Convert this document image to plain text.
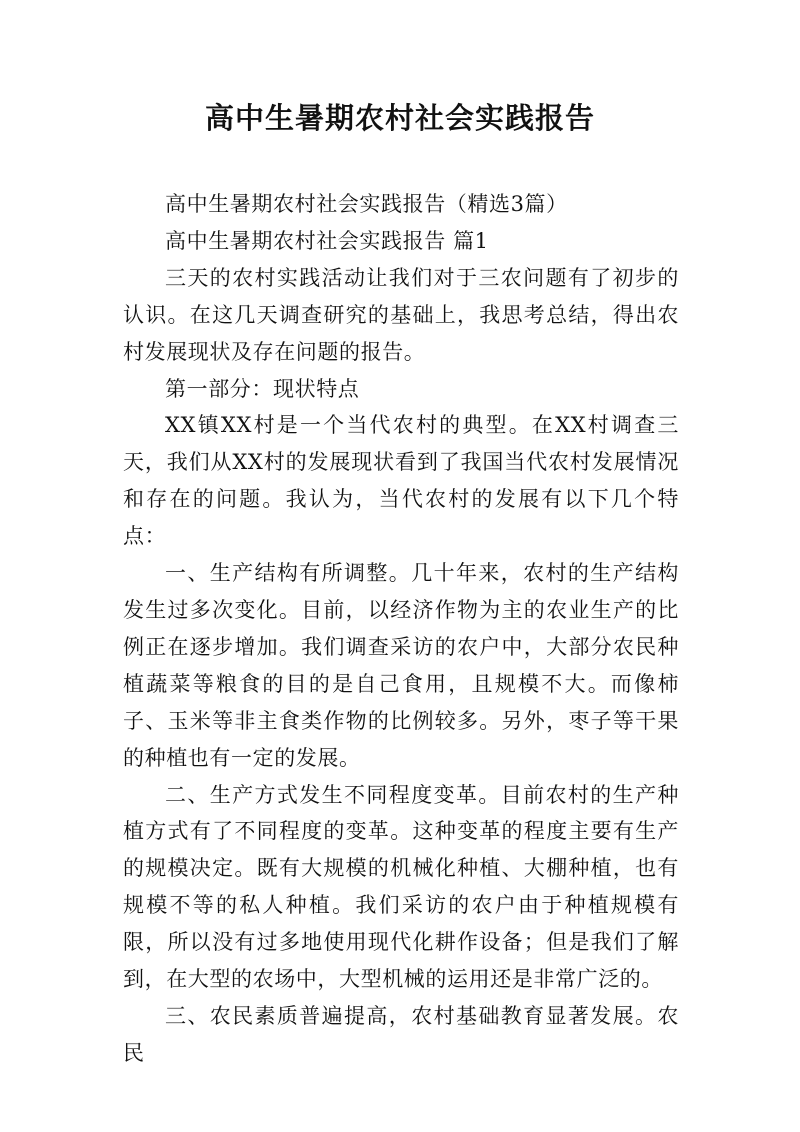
高中生暑期农村社会实践报告

高中生暑期农村社会实践报告（精选3篇）

高中生暑期农村社会实践报告 篇1

三天的农村实践活动让我们对于三农问题有了初步的认识。在这几天调查研究的基础上，我思考总结，得出农村发展现状及存在问题的报告。

第一部分：现状特点

XX镇XX村是一个当代农村的典型。在XX村调查三天，我们从XX村的发展现状看到了我国当代农村发展情况和存在的问题。我认为，当代农村的发展有以下几个特点：

一、生产结构有所调整。几十年来，农村的生产结构发生过多次变化。目前，以经济作物为主的农业生产的比例正在逐步增加。我们调查采访的农户中，大部分农民种植蔬菜等粮食的目的是自己食用，且规模不大。而像柿子、玉米等非主食类作物的比例较多。另外，枣子等干果的种植也有一定的发展。

二、生产方式发生不同程度变革。目前农村的生产种植方式有了不同程度的变革。这种变革的程度主要有生产的规模决定。既有大规模的机械化种植、大棚种植，也有规模不等的私人种植。我们采访的农户由于种植规模有限，所以没有过多地使用现代化耕作设备；但是我们了解到，在大型的农场中，大型机械的运用还是非常广泛的。

三、农民素质普遍提高，农村基础教育显著发展。农民
